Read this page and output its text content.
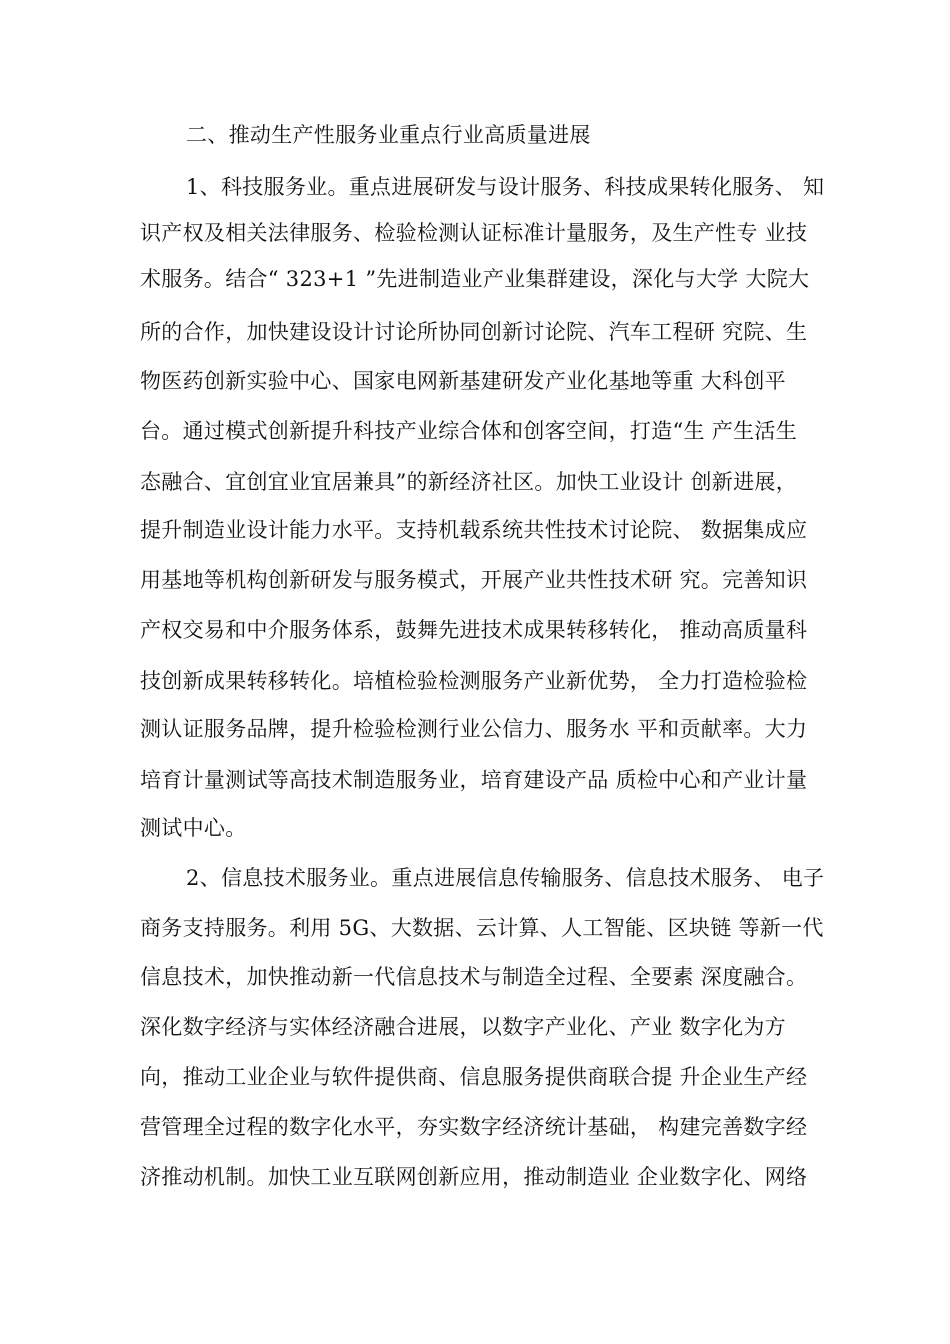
二、推动生产性服务业重点行业高质量进展
1、科技服务业。重点进展研发与设计服务、科技成果转化服务、 知
识产权及相关法律服务、检验检测认证标准计量服务，及生产性专 业技
术服务。结合“ 323+1 ”先进制造业产业集群建设，深化与大学 大院大
所的合作，加快建设设计讨论所协同创新讨论院、汽车工程研 究院、生
物医药创新实验中心、国家电网新基建研发产业化基地等重 大科创平
台。通过模式创新提升科技产业综合体和创客空间，打造“生 产生活生
态融合、宜创宜业宜居兼具”的新经济社区。加快工业设计 创新进展，
提升制造业设计能力水平。支持机载系统共性技术讨论院、 数据集成应
用基地等机构创新研发与服务模式，开展产业共性技术研 究。完善知识
产权交易和中介服务体系，鼓舞先进技术成果转移转化， 推动高质量科
技创新成果转移转化。培植检验检测服务产业新优势， 全力打造检验检
测认证服务品牌，提升检验检测行业公信力、服务水 平和贡献率。大力
培育计量测试等高技术制造服务业，培育建设产品 质检中心和产业计量
测试中心。
2、信息技术服务业。重点进展信息传输服务、信息技术服务、 电子
商务支持服务。利用 5G、大数据、云计算、人工智能、区块链 等新一代
信息技术，加快推动新一代信息技术与制造全过程、全要素 深度融合。
深化数字经济与实体经济融合进展，以数字产业化、产业 数字化为方
向，推动工业企业与软件提供商、信息服务提供商联合提 升企业生产经
营管理全过程的数字化水平，夯实数字经济统计基础， 构建完善数字经
济推动机制。加快工业互联网创新应用，推动制造业 企业数字化、网络
